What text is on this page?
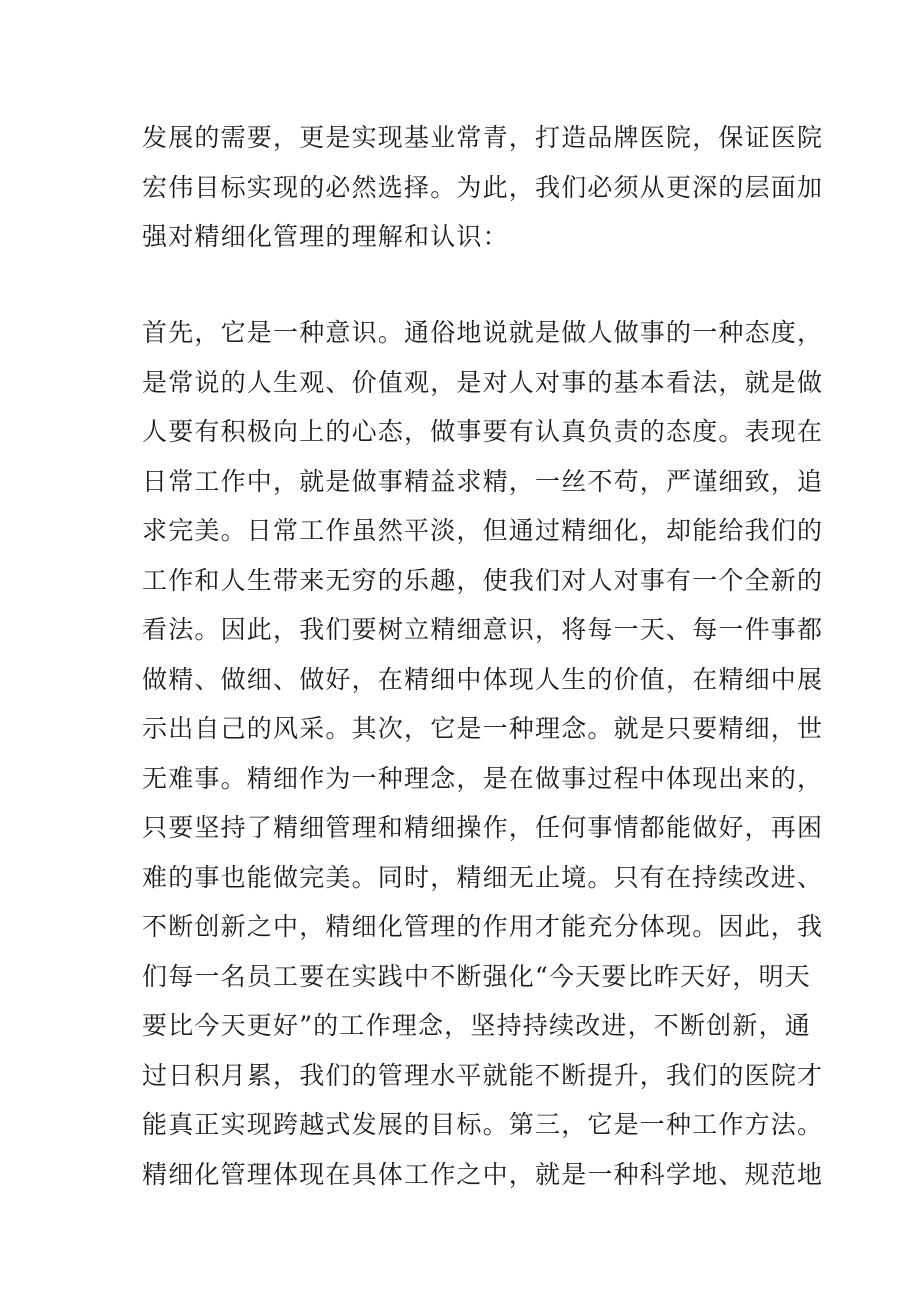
发展的需要，更是实现基业常青，打造品牌医院，保证医院
宏伟目标实现的必然选择。为此，我们必须从更深的层面加
强对精细化管理的理解和认识：

首先，它是一种意识。通俗地说就是做人做事的一种态度，
是常说的人生观、价值观，是对人对事的基本看法，就是做
人要有积极向上的心态，做事要有认真负责的态度。表现在
日常工作中，就是做事精益求精，一丝不苟，严谨细致，追
求完美。日常工作虽然平淡，但通过精细化，却能给我们的
工作和人生带来无穷的乐趣，使我们对人对事有一个全新的
看法。因此，我们要树立精细意识，将每一天、每一件事都
做精、做细、做好，在精细中体现人生的价值，在精细中展
示出自己的风采。其次，它是一种理念。就是只要精细，世
无难事。精细作为一种理念，是在做事过程中体现出来的，
只要坚持了精细管理和精细操作，任何事情都能做好，再困
难的事也能做完美。同时，精细无止境。只有在持续改进、
不断创新之中，精细化管理的作用才能充分体现。因此，我
们每一名员工要在实践中不断强化“今天要比昨天好，明天
要比今天更好”的工作理念，坚持持续改进，不断创新，通
过日积月累，我们的管理水平就能不断提升，我们的医院才
能真正实现跨越式发展的目标。第三，它是一种工作方法。
精细化管理体现在具体工作之中，就是一种科学地、规范地
